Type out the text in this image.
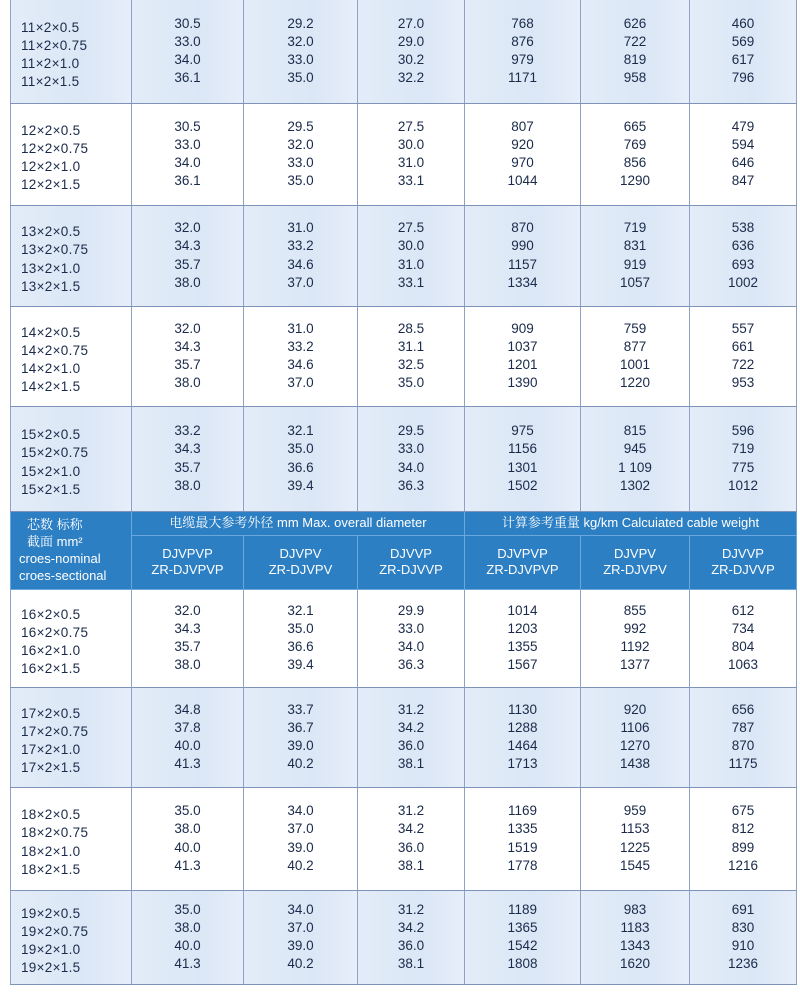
11×2×0.5
11×2×0.75
11×2×1.0
11×2×1.5	30.5
33.0
34.0
36.1	29.2
32.0
33.0
35.0	27.0
29.0
30.2
32.2	768
876
979
1171	626
722
819
958	460
569
617
796

12×2×0.5
12×2×0.75
12×2×1.0
12×2×1.5	30.5
33.0
34.0
36.1	29.5
32.0
33.0
35.0	27.5
30.0
31.0
33.1	807
920
970
1044	665
769
856
1290	479
594
646
847

13×2×0.5
13×2×0.75
13×2×1.0
13×2×1.5	32.0
34.3
35.7
38.0	31.0
33.2
34.6
37.0	27.5
30.0
31.0
33.1	870
990
1157
1334	719
831
919
1057	538
636
693
1002

14×2×0.5
14×2×0.75
14×2×1.0
14×2×1.5	32.0
34.3
35.7
38.0	31.0
33.2
34.6
37.0	28.5
31.1
32.5
35.0	909
1037
1201
1390	759
877
1001
1220	557
661
722
953

15×2×0.5
15×2×0.75
15×2×1.0
15×2×1.5	33.2
34.3
35.7
38.0	32.1
35.0
36.6
39.4	29.5
33.0
34.0
36.3	975
1156
1301
1502	815
945
1 109
1302	596
719
775
1012

芯数 标称
截面 mm²
croes-nominal
croes-sectional	电缆最大参考外径 mm Max. overall diameter			计算参考重量 kg/km Calcuiated cable weight		

	DJVPVP
ZR-DJVPVP	DJVPV
ZR-DJVPV	DJVVP
ZR-DJVVP	DJVPVP
ZR-DJVPVP	DJVPV
ZR-DJVPV	DJVVP
ZR-DJVVP

16×2×0.5
16×2×0.75
16×2×1.0
16×2×1.5	32.0
34.3
35.7
38.0	32.1
35.0
36.6
39.4	29.9
33.0
34.0
36.3	1014
1203
1355
1567	855
992
1192
1377	612
734
804
1063

17×2×0.5
17×2×0.75
17×2×1.0
17×2×1.5	34.8
37.8
40.0
41.3	33.7
36.7
39.0
40.2	31.2
34.2
36.0
38.1	1130
1288
1464
1713	920
1106
1270
1438	656
787
870
1175

18×2×0.5
18×2×0.75
18×2×1.0
18×2×1.5	35.0
38.0
40.0
41.3	34.0
37.0
39.0
40.2	31.2
34.2
36.0
38.1	1169
1335
1519
1778	959
1153
1225
1545	675
812
899
1216

19×2×0.5
19×2×0.75
19×2×1.0
19×2×1.5	35.0
38.0
40.0
41.3	34.0
37.0
39.0
40.2	31.2
34.2
36.0
38.1	1189
1365
1542
1808	983
1183
1343
1620	691
830
910
1236
